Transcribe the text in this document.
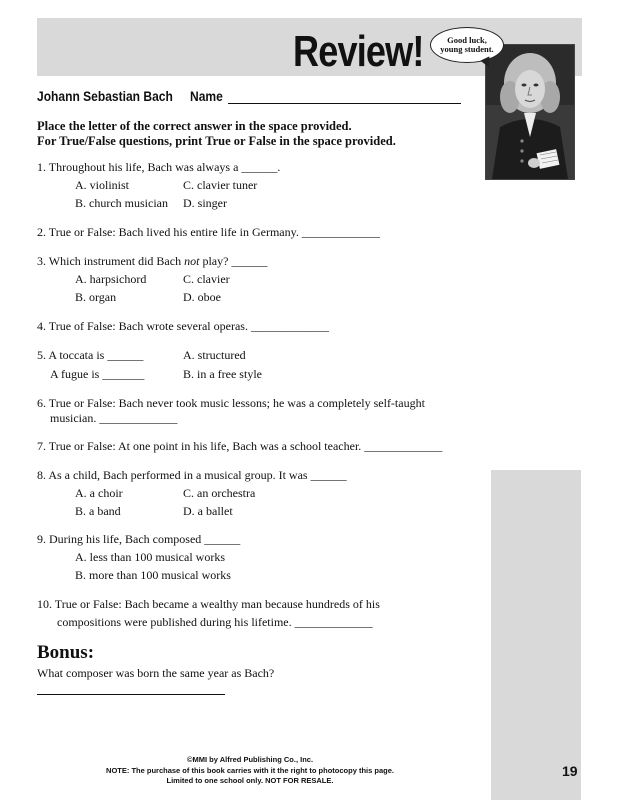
Review!	Good luck,
young student.
Johann Sebastian Bach Name
Place the letter of the correct answer in the space provided.
For True/False questions, print True or False in the space provided.
1. Throughout his life, Bach was always a ______.
A. violinist	C. clavier tuner
B. church musician D. singer
2. True or False: Bach lived his entire life in Germany. _____________
3. Which instrument did Bach not play? ______
A. harpsichord	C. clavier
B. organ	D. oboe
4. True of False: Bach wrote several operas. _____________
5. A toccata is ______	A. structured
A fugue is _______	B. in a free style
6. True or False: Bach never took music lessons; he was a completely self-taught
musician. _____________
7. True or False: At one point in his life, Bach was a school teacher. _____________
8. As a child, Bach performed in a musical group. It was ______
A. a choir	C. an orchestra
B. a band	D. a ballet
9. During his life, Bach composed ______
A. less than 100 musical works
B. more than 100 musical works
10. True or False: Bach became a wealthy man because hundreds of his
compositions were published during his lifetime. _____________
Bonus:
What composer was born the same year as Bach?
©MMI by Alfred Publishing Co., Inc.
NOTE: The purchase of this book carries with it the right to photocopy this page.
Limited to one school only. NOT FOR RESALE.
19
